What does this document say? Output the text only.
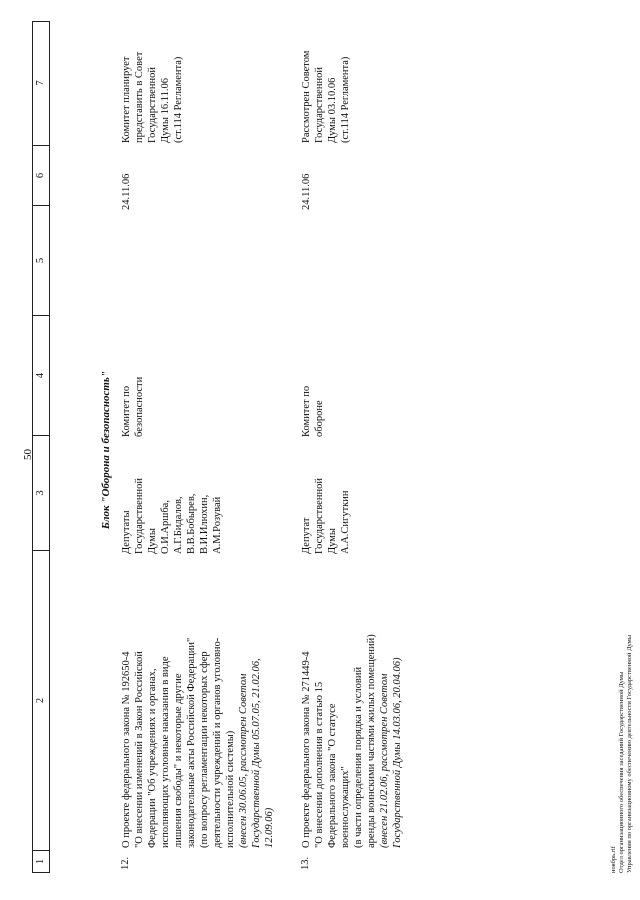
50
1
2
3
4
5
6
7
Блок "Оборона и безопасность"
12.
О проекте федерального закона № 192650-4 "О внесении изменений в Закон Российской Федерации "Об учреждениях и органах, исполняющих уголовные наказания в виде лишения свободы" и некоторые другие законодательные акты Российской Федерации" (по вопросу регламентации некоторых сфер деятельности учреждений и органов уголовно- исполнительной системы) (внесен 30.06.05, рассмотрен Советом Государственной Думы 05.07.05, 21.02.06, 12.09.06)
Депутаты Государственной Думы О.И.Аршба, А.Г.Бидалов, В.В.Бобырев, В.И.Илюхин, А.М.Розувай
Комитет по безопасности
24.11.06
Комитет планирует представить в Совет Государственной Думы 16.11.06 (ст.114 Регламента)
13.
О проекте федерального закона № 271449-4 "О внесении дополнения в статью 15 Федерального закона "О статусе военнослужащих" (в части определения порядка и условий аренды воинскими частями жилых помещений) (внесен 21.02.06, рассмотрен Советом Государственной Думы 14.03.06, 20.04.06)
Депутат Государственной Думы А.А.Сигуткин
Комитет по обороне
24.11.06
Рассмотрен Советом Государственной Думы 03.10.06 (ст.114 Регламента)
ноябрь.rtf Отдел организационного обеспечения заседаний Государственной Думы Управления по организационному обеспечению деятельности Государственной Думы
